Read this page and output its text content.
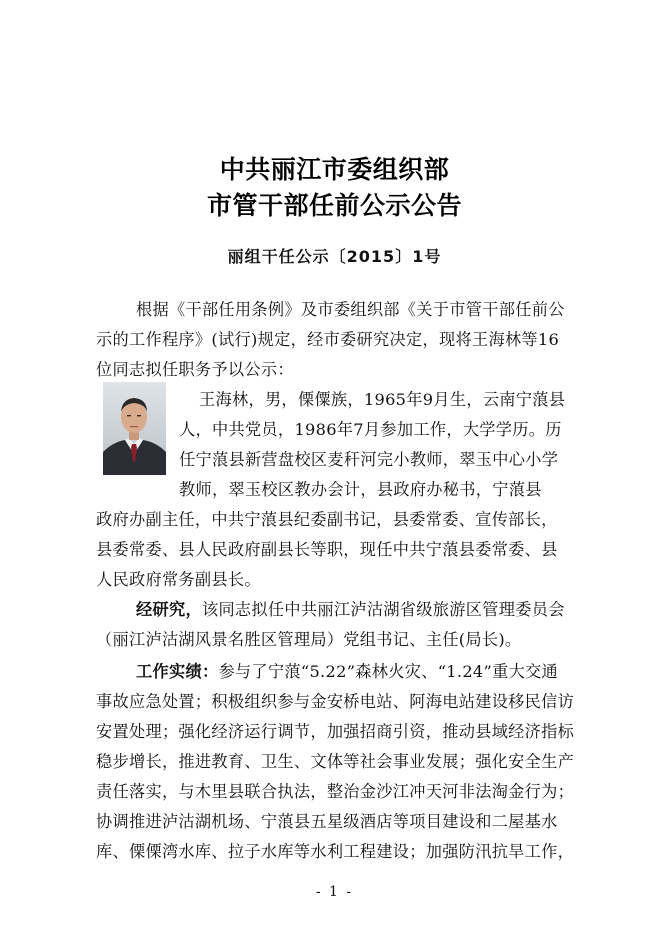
中共丽江市委组织部
市管干部任前公示公告
丽组干任公示〔2015〕1号
根据《干部任用条例》及市委组织部《关于市管干部任前公
示的工作程序》(试行)规定，经市委研究决定，现将王海林等16
位同志拟任职务予以公示：
王海林，男，傈僳族，1965年9月生，云南宁蒗县
人，中共党员，1986年7月参加工作，大学学历。历
任宁蒗县新营盘校区麦秆河完小教师，翠玉中心小学
教师，翠玉校区教办会计，县政府办秘书，宁蒗县
政府办副主任，中共宁蒗县纪委副书记，县委常委、宣传部长，
县委常委、县人民政府副县长等职，现任中共宁蒗县委常委、县
人民政府常务副县长。
经研究，该同志拟任中共丽江泸沽湖省级旅游区管理委员会
（丽江泸沽湖风景名胜区管理局）党组书记、主任(局长)。
工作实绩：参与了宁蒗“5.22”森林火灾、“1.24”重大交通
事故应急处置；积极组织参与金安桥电站、阿海电站建设移民信访
安置处理；强化经济运行调节，加强招商引资，推动县域经济指标
稳步增长，推进教育、卫生、文体等社会事业发展；强化安全生产
责任落实，与木里县联合执法，整治金沙江冲天河非法淘金行为；
协调推进泸沽湖机场、宁蒗县五星级酒店等项目建设和二屋基水
库、傈傈湾水库、拉子水库等水利工程建设；加强防汛抗旱工作，
- 1 -
